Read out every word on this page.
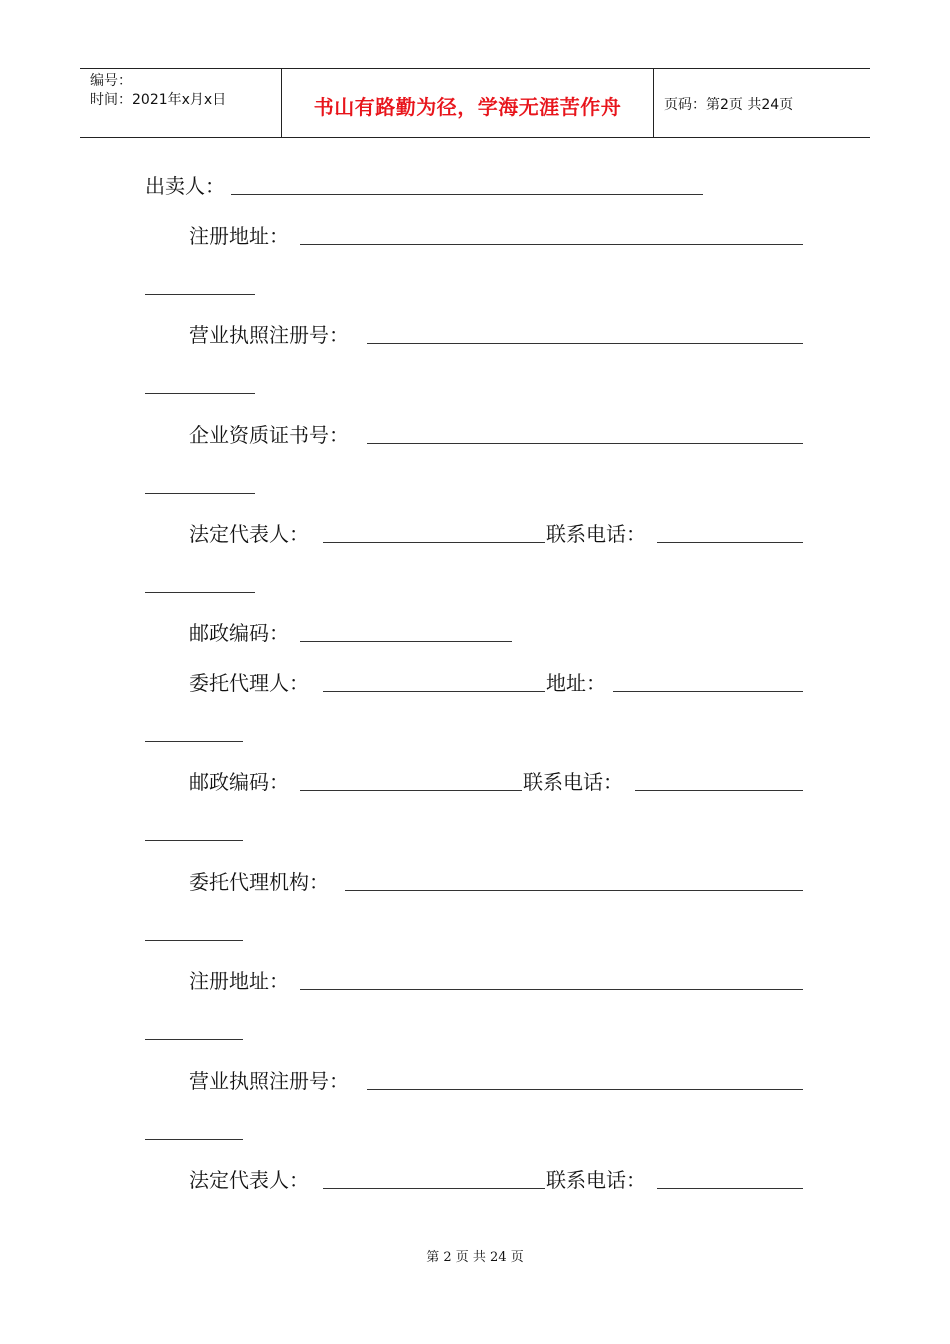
编号：
时间：2021年x月x日	书山有路勤为径，学海无涯苦作舟	页码：第2页 共24页
出卖人：
注册地址：
营业执照注册号：
企业资质证书号：
法定代表人：	联系电话：
邮政编码：
委托代理人：	地址：
邮政编码：	联系电话：
委托代理机构：
注册地址：
营业执照注册号：
法定代表人：	联系电话：
第 2 页 共 24 页
